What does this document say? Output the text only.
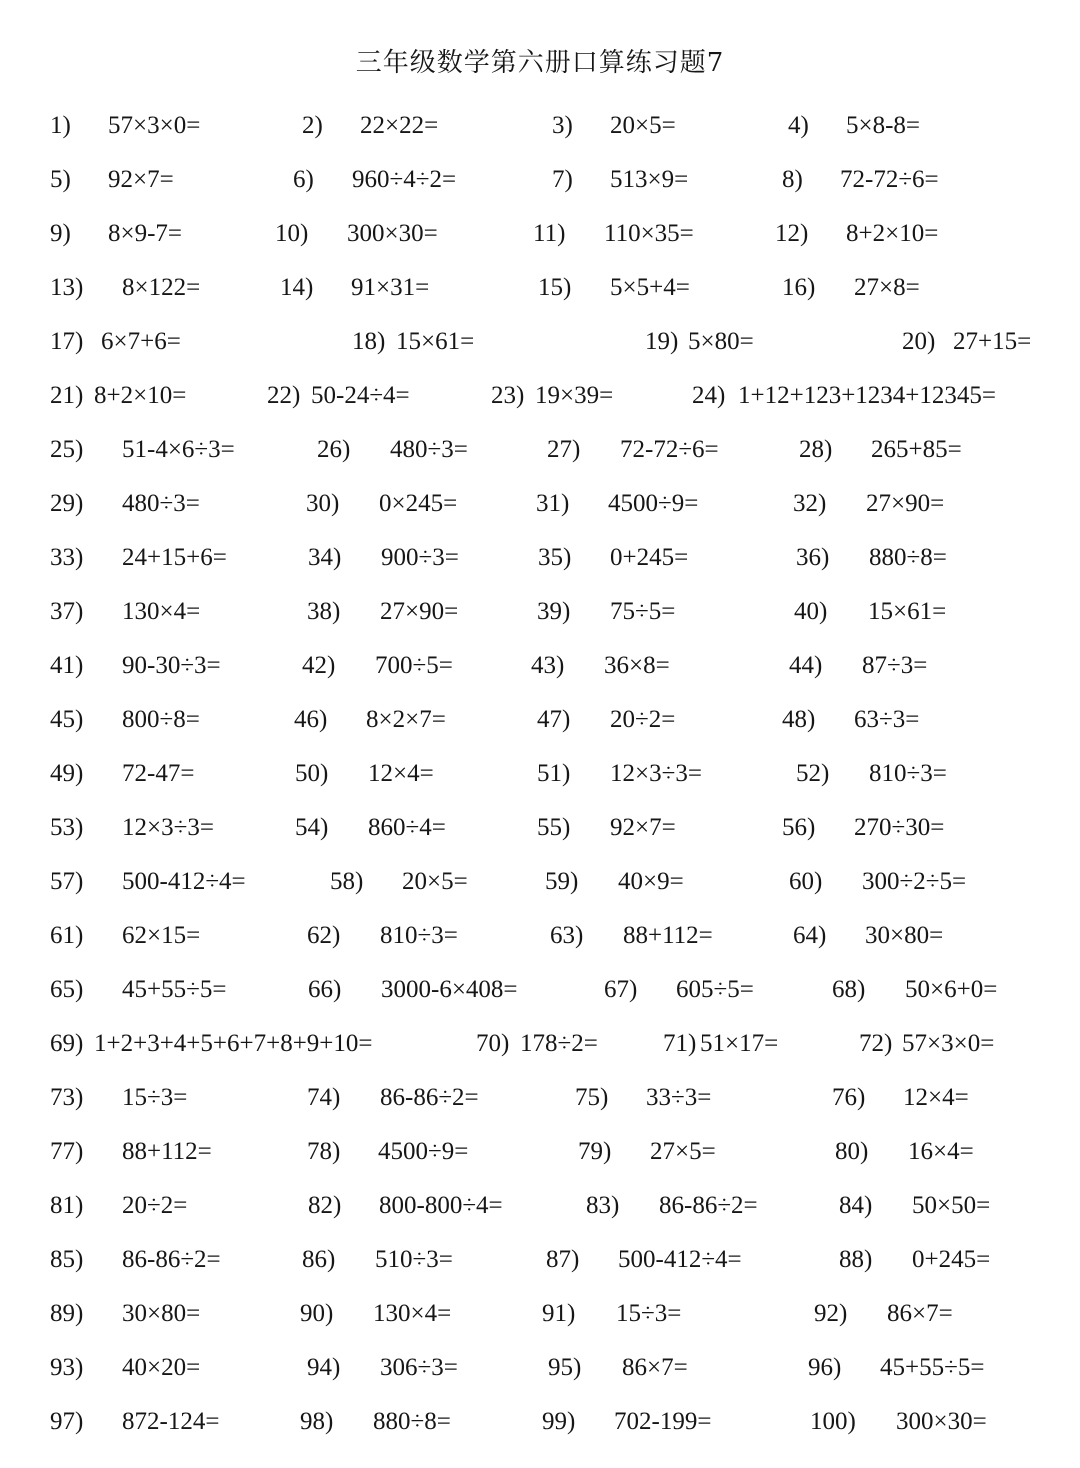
三年级数学第六册口算练习题7
1) 57×3×0=	2) 22×22=	3) 20×5=	4) 5×8-8=
5) 92×7=	6) 960÷4÷2=	7) 513×9=	8) 72-72÷6=
9) 8×9-7=	10) 300×30=	11) 110×35=	12) 8+2×10=
13) 8×122=	14) 91×31=	15) 5×5+4=	16) 27×8=
17) 6×7+6=	18) 15×61=	19) 5×80=	20) 27+15=
21) 8+2×10=	22) 50-24÷4=	23) 19×39=	24) 1+12+123+1234+12345=
25) 51-4×6÷3=	26) 480÷3=	27) 72-72÷6=	28) 265+85=
29) 480÷3=	30) 0×245=	31) 4500÷9=	32) 27×90=
33) 24+15+6=	34) 900÷3=	35) 0+245=	36) 880÷8=
37) 130×4=	38) 27×90=	39) 75÷5=	40) 15×61=
41) 90-30÷3=	42) 700÷5=	43) 36×8=	44) 87÷3=
45) 800÷8=	46) 8×2×7=	47) 20÷2=	48) 63÷3=
49) 72-47=	50) 12×4=	51) 12×3÷3=	52) 810÷3=
53) 12×3÷3=	54) 860÷4=	55) 92×7=	56) 270÷30=
57) 500-412÷4=	58) 20×5=	59) 40×9=	60) 300÷2÷5=
61) 62×15=	62) 810÷3=	63) 88+112=	64) 30×80=
65) 45+55÷5=	66) 3000-6×408=	67) 605÷5=	68) 50×6+0=
69) 1+2+3+4+5+6+7+8+9+10=	70) 178÷2=	71) 51×17=	72) 57×3×0=
73) 15÷3=	74) 86-86÷2=	75) 33÷3=	76) 12×4=
77) 88+112=	78) 4500÷9=	79) 27×5=	80) 16×4=
81) 20÷2=	82) 800-800÷4=	83) 86-86÷2=	84) 50×50=
85) 86-86÷2=	86) 510÷3=	87) 500-412÷4=	88) 0+245=
89) 30×80=	90) 130×4=	91) 15÷3=	92) 86×7=
93) 40×20=	94) 306÷3=	95) 86×7=	96) 45+55÷5=
97) 872-124=	98) 880÷8=	99) 702-199=	100) 300×30=
